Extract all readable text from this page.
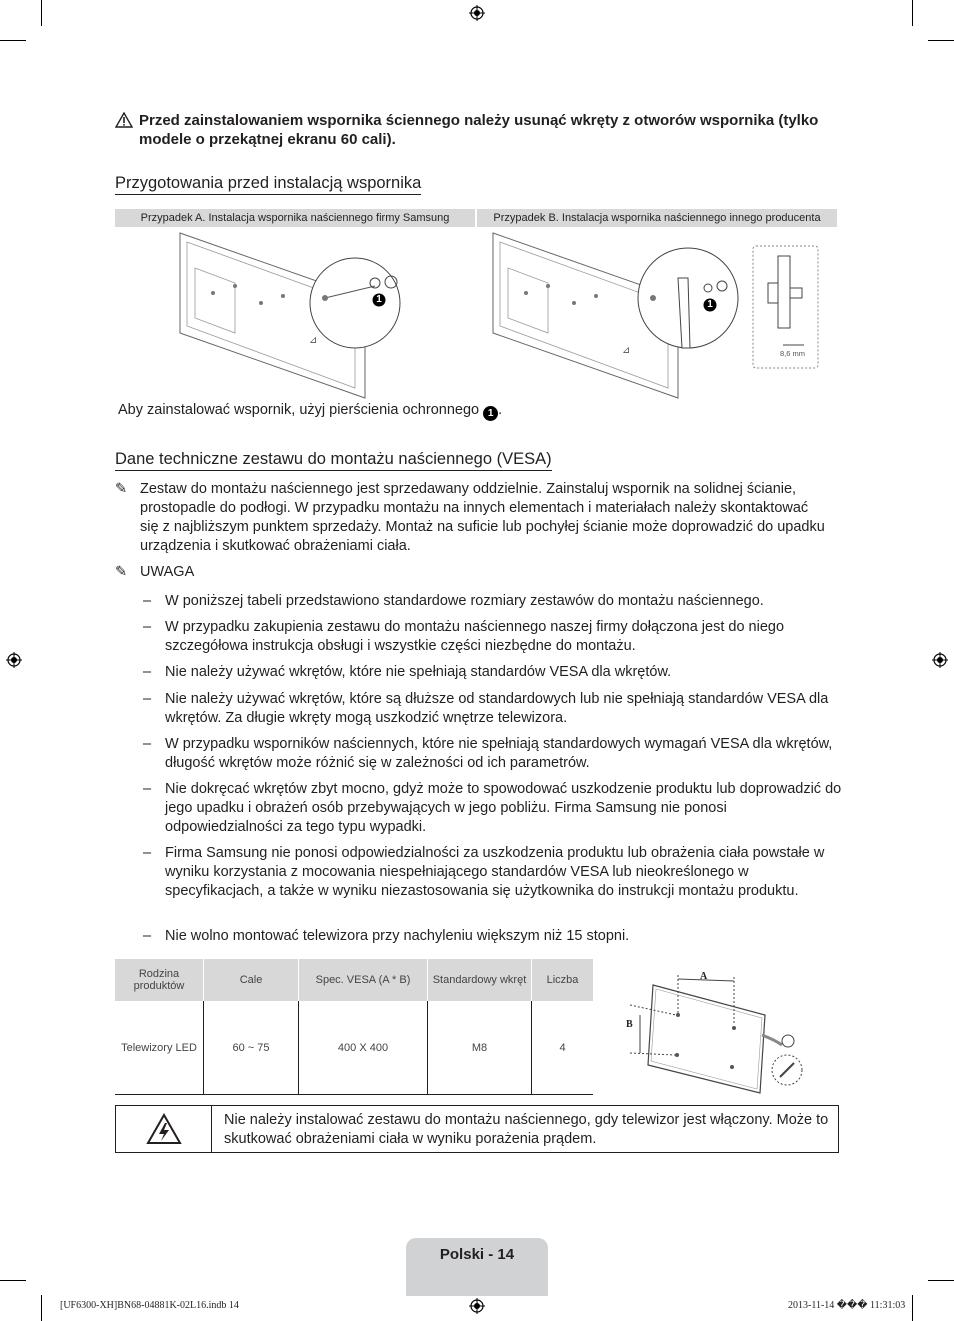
Przed zainstalowaniem wspornika ściennego należy usunąć wkręty z otworów wspornika (tylko modele o przekątnej ekranu 60 cali).
Przygotowania przed instalacją wspornika
Przypadek A. Instalacja wspornika naściennego firmy Samsung	Przypadek B. Instalacja wspornika naściennego innego producenta
⊿
1
⊿
1
8,6 mm
Aby zainstalować wspornik, użyj pierścienia ochronnego 1 .
Dane techniczne zestawu do montażu naściennego (VESA)
✎ Zestaw do montażu naściennego jest sprzedawany oddzielnie. Zainstaluj wspornik na solidnej ścianie, prostopadle do podłogi. W przypadku montażu na innych elementach i materiałach należy skontaktować się z najbliższym punktem sprzedaży. Montaż na suficie lub pochyłej ścianie może doprowadzić do upadku urządzenia i skutkować obrażeniami ciała.
✎ UWAGA
– W poniższej tabeli przedstawiono standardowe rozmiary zestawów do montażu naściennego.
– W przypadku zakupienia zestawu do montażu naściennego naszej firmy dołączona jest do niego szczegółowa instrukcja obsługi i wszystkie części niezbędne do montażu.
– Nie należy używać wkrętów, które nie spełniają standardów VESA dla wkrętów.
– Nie należy używać wkrętów, które są dłuższe od standardowych lub nie spełniają standardów VESA dla wkrętów. Za długie wkręty mogą uszkodzić wnętrze telewizora.
– W przypadku wsporników naściennych, które nie spełniają standardowych wymagań VESA dla wkrętów, długość wkrętów może różnić się w zależności od ich parametrów.
– Nie dokręcać wkrętów zbyt mocno, gdyż może to spowodować uszkodzenie produktu lub doprowadzić do jego upadku i obrażeń osób przebywających w jego pobliżu. Firma Samsung nie ponosi odpowiedzialności za tego typu wypadki.
– Firma Samsung nie ponosi odpowiedzialności za uszkodzenia produktu lub obrażenia ciała powstałe w wyniku korzystania z mocowania niespełniającego standardów VESA lub nieokreślonego w specyfikacjach, a także w wyniku niezastosowania się użytkownika do instrukcji montażu produktu.
– Nie wolno montować telewizora przy nachyleniu większym niż 15 stopni.
Rodzina produktów	Cale	Spec. VESA (A * B)	Standardowy wkręt	Liczba
Telewizory LED	60 ~ 75	400 X 400	M8	4
A
B
Nie należy instalować zestawu do montażu naściennego, gdy telewizor jest włączony. Może to skutkować obrażeniami ciała w wyniku porażenia prądem.
Polski - 14
[UF6300-XH]BN68-04881K-02L16.indb 14	2013-11-14 ��� 11:31:03
